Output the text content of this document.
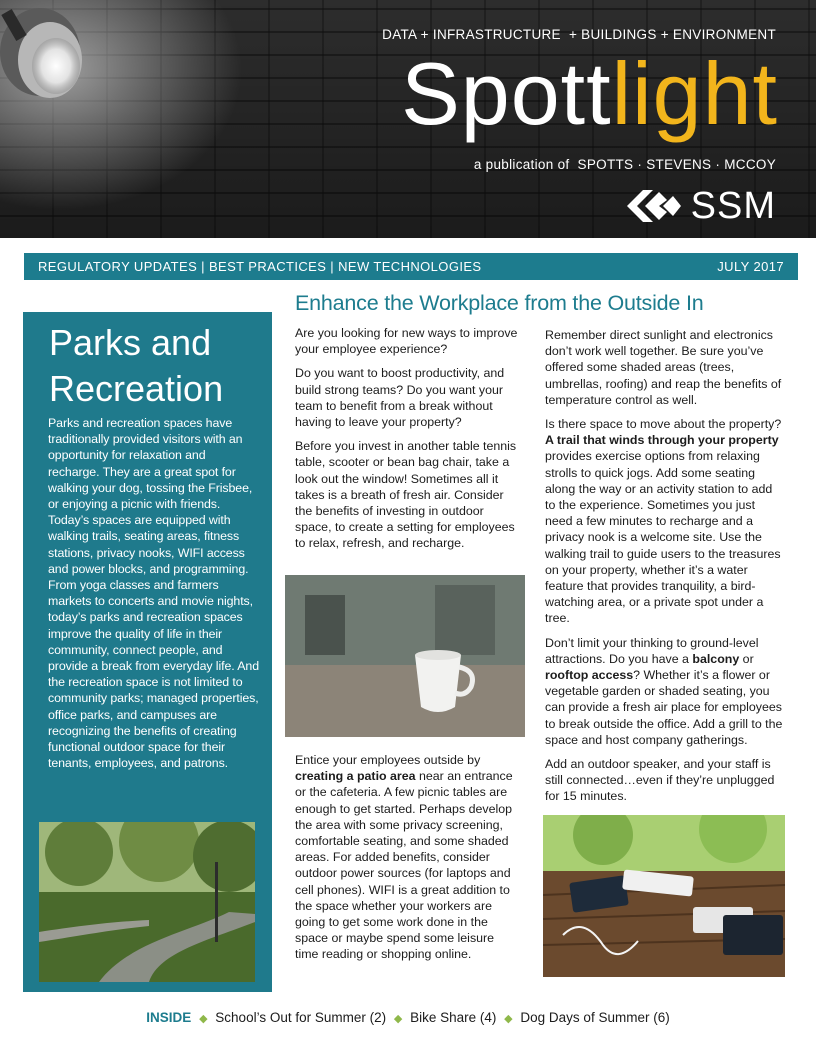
DATA + INFRASTRUCTURE  + BUILDINGS + ENVIRONMENT
Spottlight
a publication of  SPOTTS · STEVENS · MCCOY
SSM
REGULATORY UPDATES | BEST PRACTICES | NEW TECHNOLOGIES	JULY 2017
Parks and
Recreation
Parks and recreation spaces have traditionally provided visitors with an opportunity for relaxation and recharge. They are a great spot for walking your dog, tossing the Frisbee, or enjoying a picnic with friends. Today’s spaces are equipped with walking trails, seating areas, fitness stations, privacy nooks, WIFI access and power blocks, and programming. From yoga classes and farmers markets to concerts and movie nights, today’s parks and recreation spaces improve the quality of life in their community, connect people, and provide a break from everyday life. And the recreation space is not limited to community parks; managed properties, office parks, and campuses are recognizing the benefits of creating functional outdoor space for their tenants, employees, and patrons.
Enhance the Workplace from the Outside In

Are you looking for new ways to improve your employee experience?

Do you want to boost productivity, and build strong teams? Do you want your team to benefit from a break without having to leave your property?

Before you invest in another table tennis table, scooter or bean bag chair, take a look out the window! Sometimes all it takes is a breath of fresh air. Consider the benefits of investing in outdoor space, to create a setting for employees to relax, refresh, and recharge.

Entice your employees outside by creating a patio area near an entrance or the cafeteria. A few picnic tables are enough to get started. Perhaps develop the area with some privacy screening, comfortable seating, and some shaded areas. For added benefits, consider outdoor power sources (for laptops and cell phones). WIFI is a great addition to the space whether your workers are going to get some work done in the space or maybe spend some leisure time reading or shopping online.

Remember direct sunlight and electronics don’t work well together. Be sure you’ve offered some shaded areas (trees, umbrellas, roofing) and reap the benefits of temperature control as well.

Is there space to move about the property? A trail that winds through your property provides exercise options from relaxing strolls to quick jogs. Add some seating along the way or an activity station to add to the experience. Sometimes you just need a few minutes to recharge and a privacy nook is a welcome site. Use the walking trail to guide users to the treasures on your property, whether it’s a water feature that provides tranquility, a bird-watching area, or a private spot under a tree.

Don’t limit your thinking to ground-level attractions. Do you have a balcony or rooftop access? Whether it’s a flower or vegetable garden or shaded seating, you can provide a fresh air place for employees to break outside the office. Add a grill to the space and host company gatherings.

Add an outdoor speaker, and your staff is still connected…even if they’re unplugged for 15 minutes.

INSIDE ◆ School’s Out for Summer (2) ◆ Bike Share (4) ◆ Dog Days of Summer (6)
